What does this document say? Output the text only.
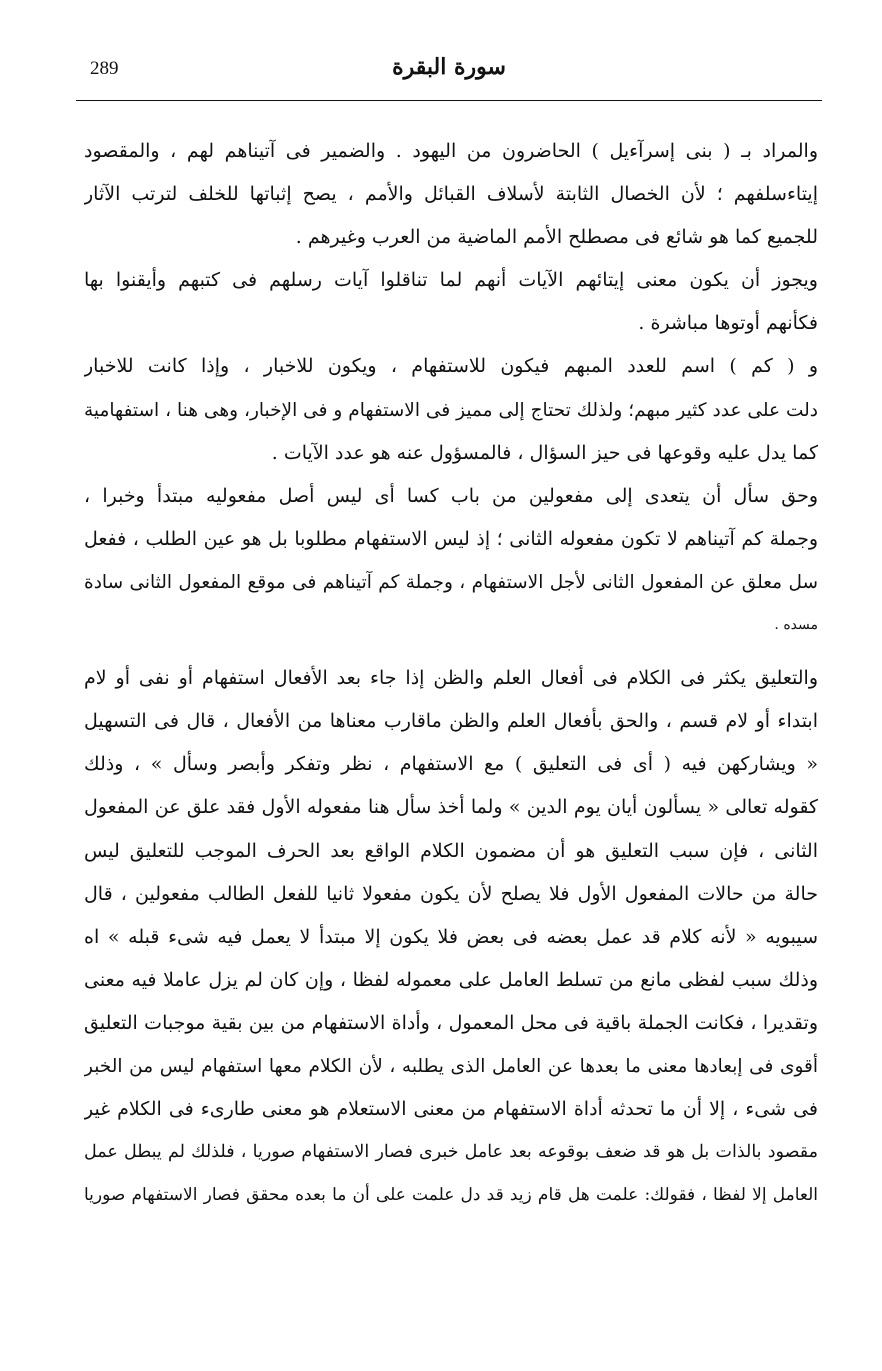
289	سورة البقرة
والمراد بـ ( بنى إسرآءيل ) الحاضرون من اليهود . والضمير فى آتيناهم لهم ، والمقصود
إيتاءسلفهم ؛ لأن الخصال الثابتة لأسلاف القبائل والأمم ، يصح إثباتها للخلف لترتب الآثار
للجميع كما هو شائع فى مصطلح الأمم الماضية من العرب وغيرهم .
ويجوز أن يكون معنى إيتائهم الآيات أنهم لما تناقلوا آيات رسلهم فى كتبهم وأيقنوا بها
فكأنهم أوتوها مباشرة .
و ( كم ) اسم للعدد المبهم فيكون للاستفهام ، ويكون للاخبار ، وإذا كانت للاخبار
دلت على عدد كثير مبهم؛ ولذلك تحتاج إلى مميز فى الاستفهام و فى الإخبار، وهى هنا ، استفهامية
كما يدل عليه وقوعها فى حيز السؤال ، فالمسؤول عنه هو عدد الآيات .
وحق سأل أن يتعدى إلى مفعولين من باب كسا أى ليس أصل مفعوليه مبتدأ وخبرا ،
وجملة كم آتيناهم لا تكون مفعوله الثانى ؛ إذ ليس الاستفهام مطلوبا بل هو عين الطلب ، ففعل
سل معلق عن المفعول الثانى لأجل الاستفهام ، وجملة كم آتيناهم فى موقع المفعول الثانى سادة
مسده .
والتعليق يكثر فى الكلام فى أفعال العلم والظن إذا جاء بعد الأفعال استفهام أو نفى أو لام
ابتداء أو لام قسم ، والحق بأفعال العلم والظن ماقارب معناها من الأفعال ، قال فى التسهيل
« ويشاركهن فيه ( أى فى التعليق ) مع الاستفهام ، نظر وتفكر وأبصر وسأل » ، وذلك
كقوله تعالى « يسألون أيان يوم الدين » ولما أخذ سأل هنا مفعوله الأول فقد علق عن المفعول
الثانى ، فإن سبب التعليق هو أن مضمون الكلام الواقع بعد الحرف الموجب للتعليق ليس
حالة من حالات المفعول الأول فلا يصلح لأن يكون مفعولا ثانيا للفعل الطالب مفعولين ، قال
سيبويه « لأنه كلام قد عمل بعضه فى بعض فلا يكون إلا مبتدأ لا يعمل فيه شىء قبله » اه
وذلك سبب لفظى مانع من تسلط العامل على معموله لفظا ، وإن كان لم يزل عاملا فيه معنى
وتقديرا ، فكانت الجملة باقية فى محل المعمول ، وأداة الاستفهام من بين بقية موجبات التعليق
أقوى فى إبعادها معنى ما بعدها عن العامل الذى يطلبه ، لأن الكلام معها استفهام ليس من الخبر
فى شىء ، إلا أن ما تحدثه أداة الاستفهام من معنى الاستعلام هو معنى طارىء فى الكلام غير
مقصود بالذات بل هو قد ضعف بوقوعه بعد عامل خبرى فصار الاستفهام صوريا ، فلذلك لم يبطل عمل
العامل إلا لفظا ، فقولك: علمت هل قام زيد قد دل علمت على أن ما بعده محقق فصار الاستفهام صوريا
